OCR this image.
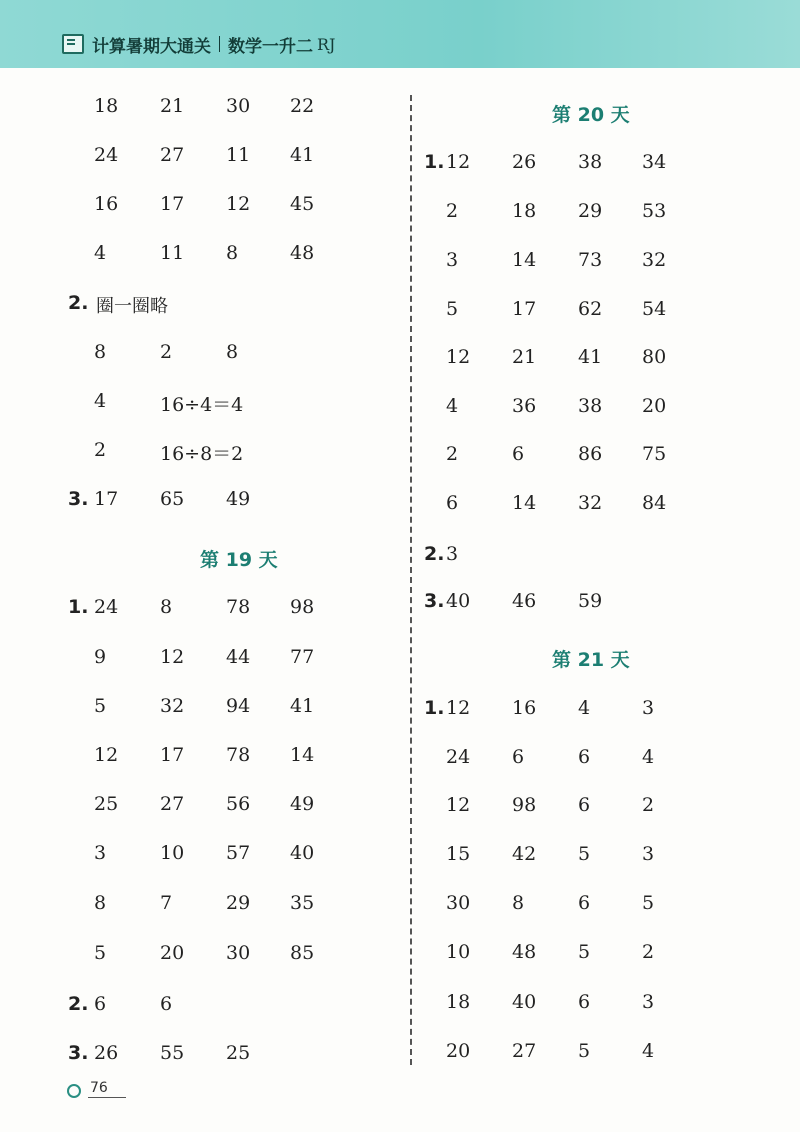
计算暑期大通关 数学一升二 RJ
18 21 30 22
24 27 11 41
16 17 12 45
4	11 8	48
2. 圈一圈略
8	2	8
4	16÷4＝4
2	16÷8＝2
3. 17 65 49
第 19 天
1. 24 8	78 98
9	12 44 77
5	32 94 41
12 17 78 14
25 27 56 49
3	10 57 40
8	7	29 35
5	20 30 85
2. 6	6
3. 26 55 25
第 20 天
1. 12 26 38 34
2	18 29 53
3	14 73 32
5	17 62 54
12 21 41 80
4	36 38 20
2	6	86 75
6	14 32 84
2. 3
3. 40 46 59
第 21 天
1. 12 16 4	3
24 6	6	4
12 98 6	2
15 42 5	3
30 8	6	5
10 48 5	2
18 40 6	3
20 27 5	4
76
